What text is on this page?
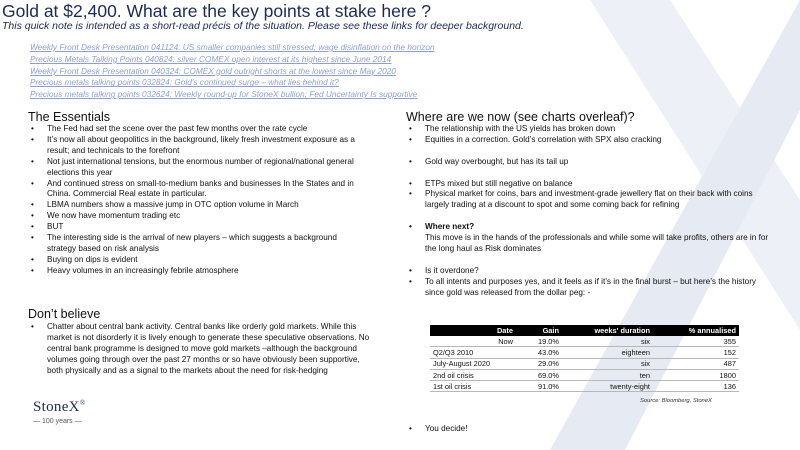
Gold at $2,400. What are the key points at stake here ?
This quick note is intended as a short-read précis of the situation. Please see these links for deeper background.
Weekly Front Desk Presentation 041124: US smaller companies still stressed; wage disinflation on the horizon
Precious Metals Talking Points 040824: silver COMEX open interest at its highest since June 2014
Weekly Front Desk Presentation 040324: COMEX gold outright shorts at the lowest since May 2020
Precious metals talking points 032824: Gold's continued surge – what lies behind it?
Precious metals talking points 032624: Weekly round-up for StoneX bullion; Fed Uncertainty Is supportive
The Essentials
• The Fed had set the scene over the past few months over the rate cycle
• It’s now all about geopolitics in the background, likely fresh investment exposure as a result; and technicals to the forefront
• Not just international tensions, but the enormous number of regional/national general elections this year
• And continued stress on small-to-medium banks and businesses In the States and in China. Commercial Real estate in particular.
• LBMA numbers show a massive jump in OTC option volume in March
• We now have momentum trading etc
• BUT
• The interesting side is the arrival of new players – which suggests a background strategy based on risk analysis
• Buying on dips is evident
• Heavy volumes in an increasingly febrile atmosphere
Don’t believe
• Chatter about central bank activity. Central banks like orderly gold markets. While this market is not disorderly it is lively enough to generate these speculative observations. No central bank programme is designed to move gold markets –although the background volumes going through over the past 27 months or so have obviously been supportive, both physically and as a signal to the markets about the need for risk-hedging
Where are we now (see charts overleaf)?
• The relationship with the US yields has broken down
• Equities in a correction. Gold’s correlation with SPX also cracking
• Gold way overbought, but has its tail up
• ETPs mixed but still negative on balance
• Physical market for coins, bars and investment-grade jewellery flat on their back with coins largely trading at a discount to spot and some coming back for refining
• Where next?
This move is in the hands of the professionals and while some will take profits, others are in for the long haul as Risk dominates
• Is it overdone?
• To all intents and purposes yes, and it feels as if it’s in the final burst – but here’s the history since gold was released from the dollar peg: -
Date	Gain	weeks' duration	% annualised
Now	19.0%	six	355
Q2/Q3 2010	43.0%	eighteen	152
July-August 2020	29.0%	six	487
2nd oil crisis	69.0%	ten	1800
1st oil crisis	91.0%	twenty-eight	136
Source: Bloomberg, StoneX
• You decide!
StoneX®
— 100 years —
